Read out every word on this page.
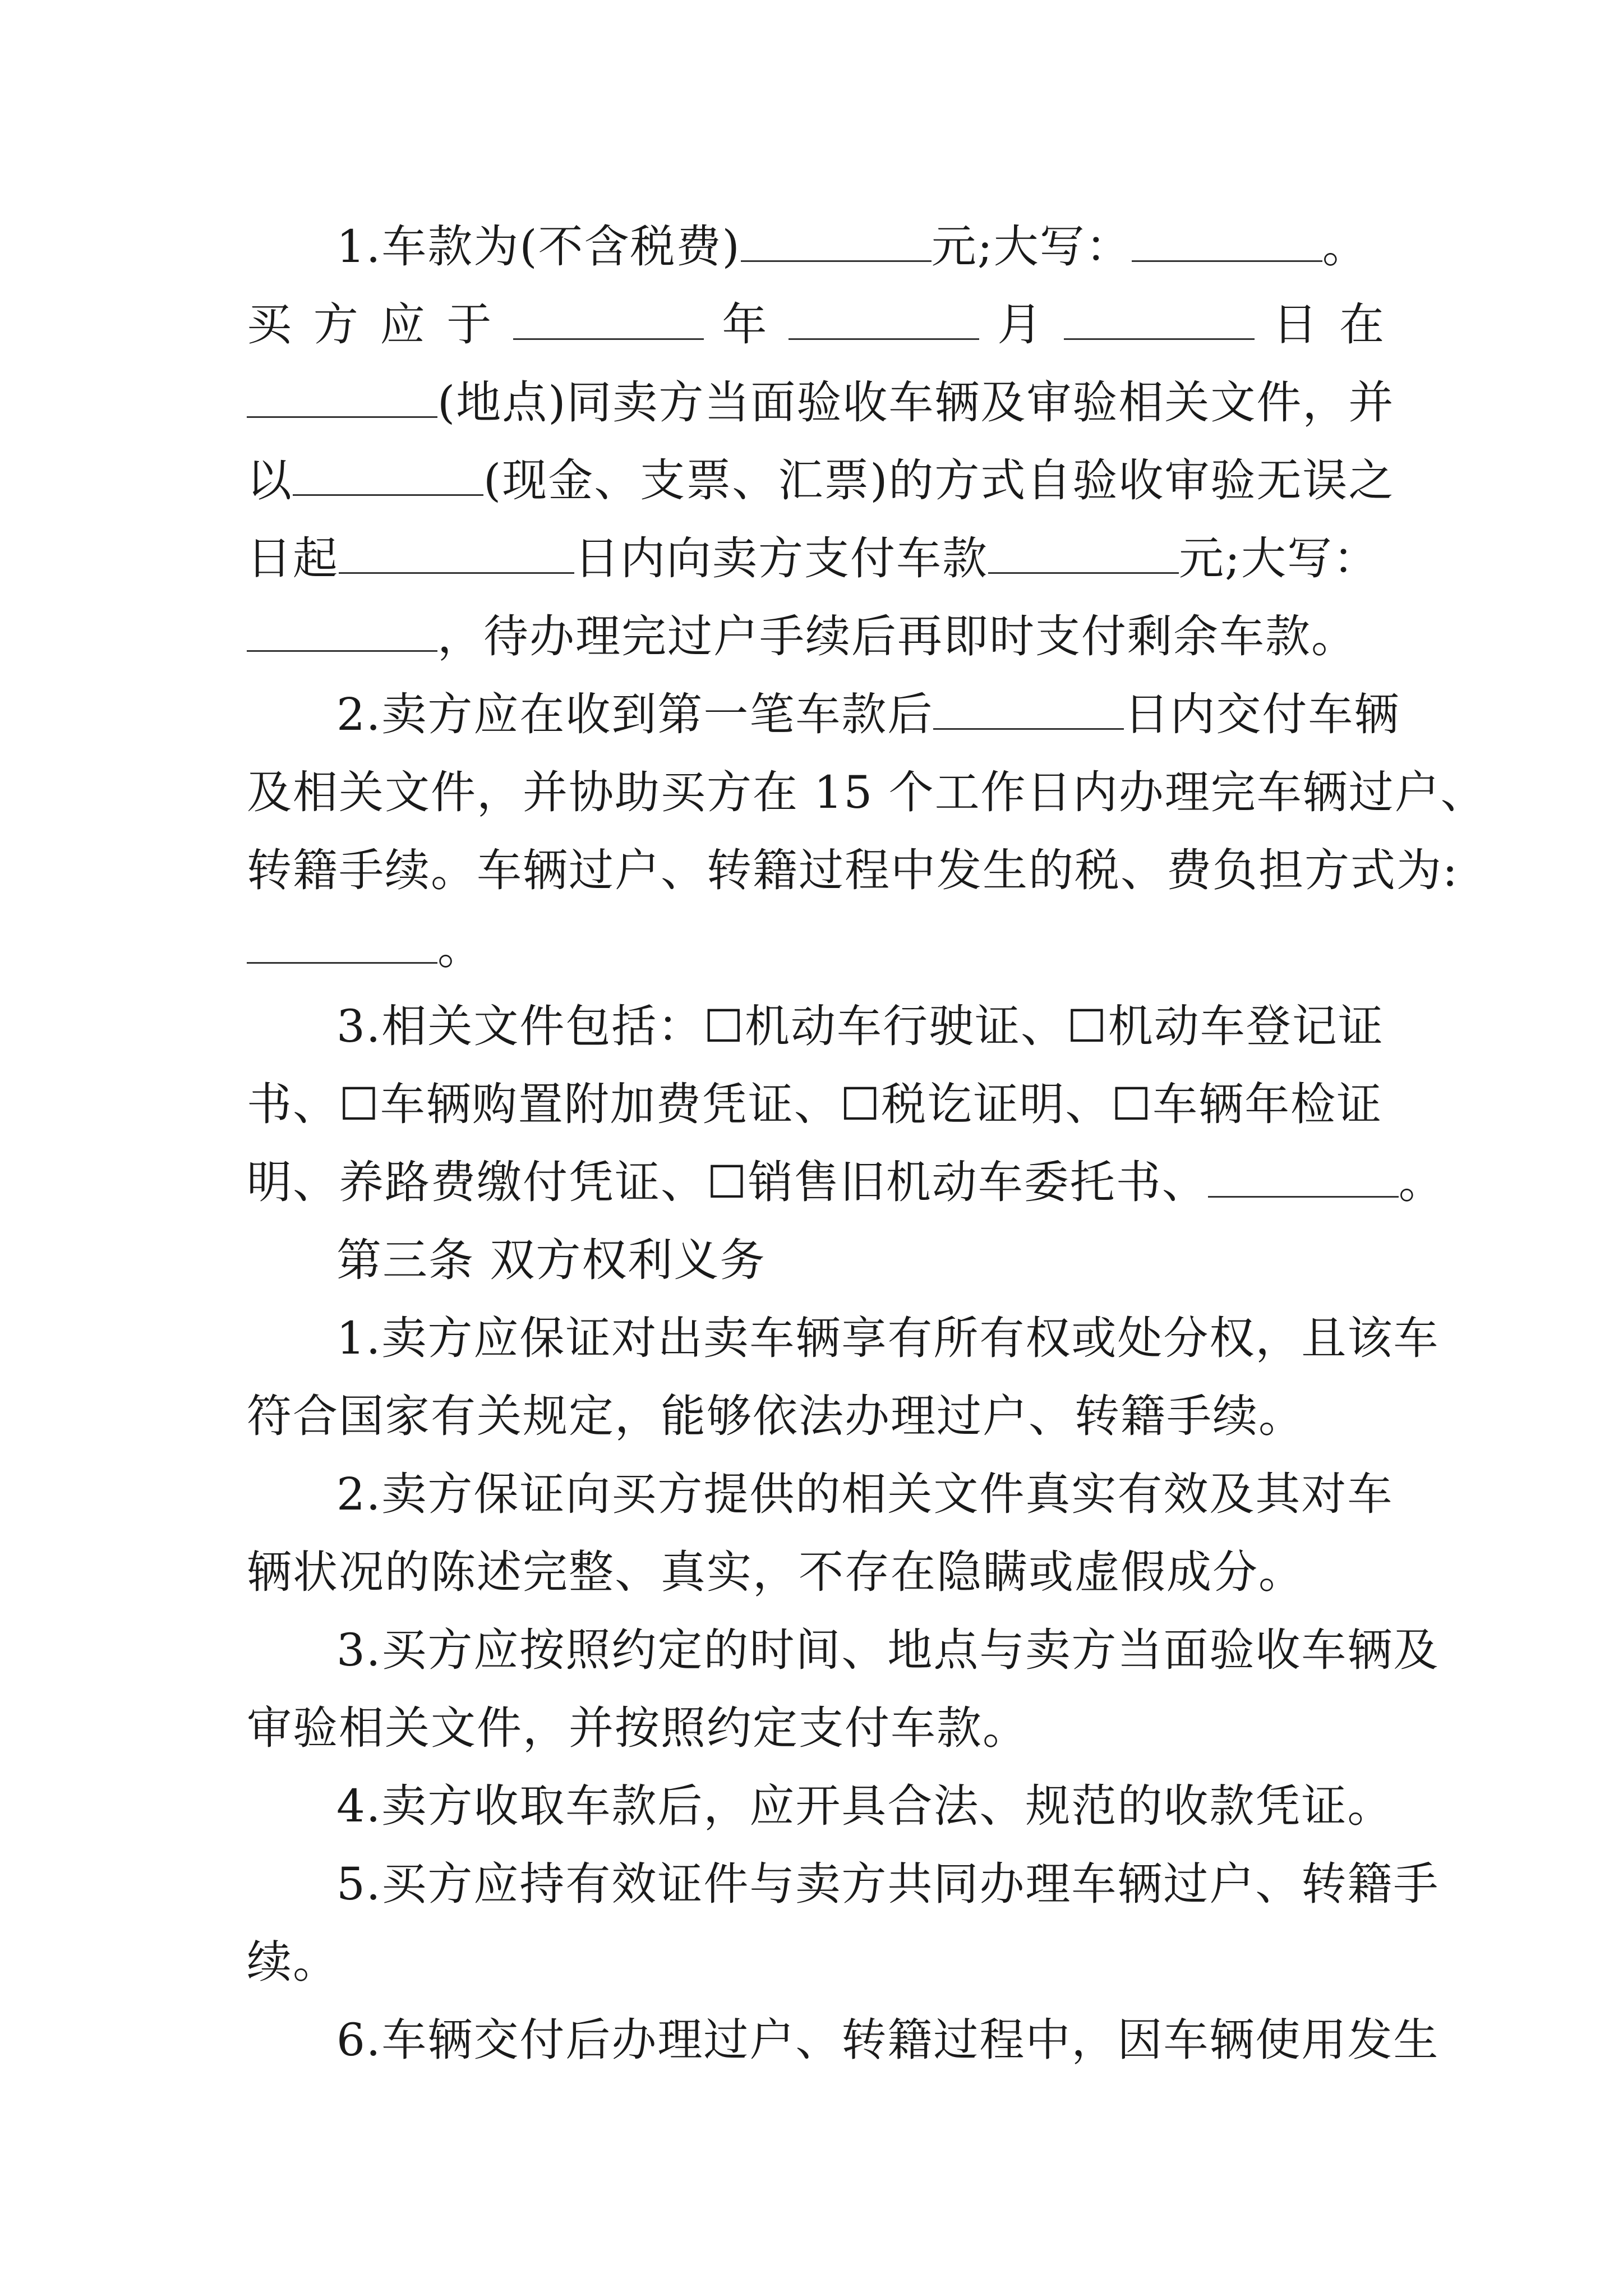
1.车款为(不含税费)	元;大写：	。
买 方 应 于	年	月	日 在
(地点)同卖方当面验收车辆及审验相关文件，并
以	(现金、支票、汇票)的方式自验收审验无误之
日起	日内向卖方支付车款	元;大写：
，待办理完过户手续后再即时支付剩余车款。
2.卖方应在收到第一笔车款后	日内交付车辆
及相关文件，并协助买方在 15 个工作日内办理完车辆过户、
转籍手续。车辆过户、转籍过程中发生的税、费负担方式为:
。
3.相关文件包括：☐机动车行驶证、☐机动车登记证
书、☐车辆购置附加费凭证、☐税讫证明、☐车辆年检证
明、养路费缴付凭证、☐销售旧机动车委托书、	。
第三条 双方权利义务
1.卖方应保证对出卖车辆享有所有权或处分权，且该车
符合国家有关规定，能够依法办理过户、转籍手续。
2.卖方保证向买方提供的相关文件真实有效及其对车
辆状况的陈述完整、真实，不存在隐瞒或虚假成分。
3.买方应按照约定的时间、地点与卖方当面验收车辆及
审验相关文件，并按照约定支付车款。
4.卖方收取车款后，应开具合法、规范的收款凭证。
5.买方应持有效证件与卖方共同办理车辆过户、转籍手
续。
6.车辆交付后办理过户、转籍过程中，因车辆使用发生
